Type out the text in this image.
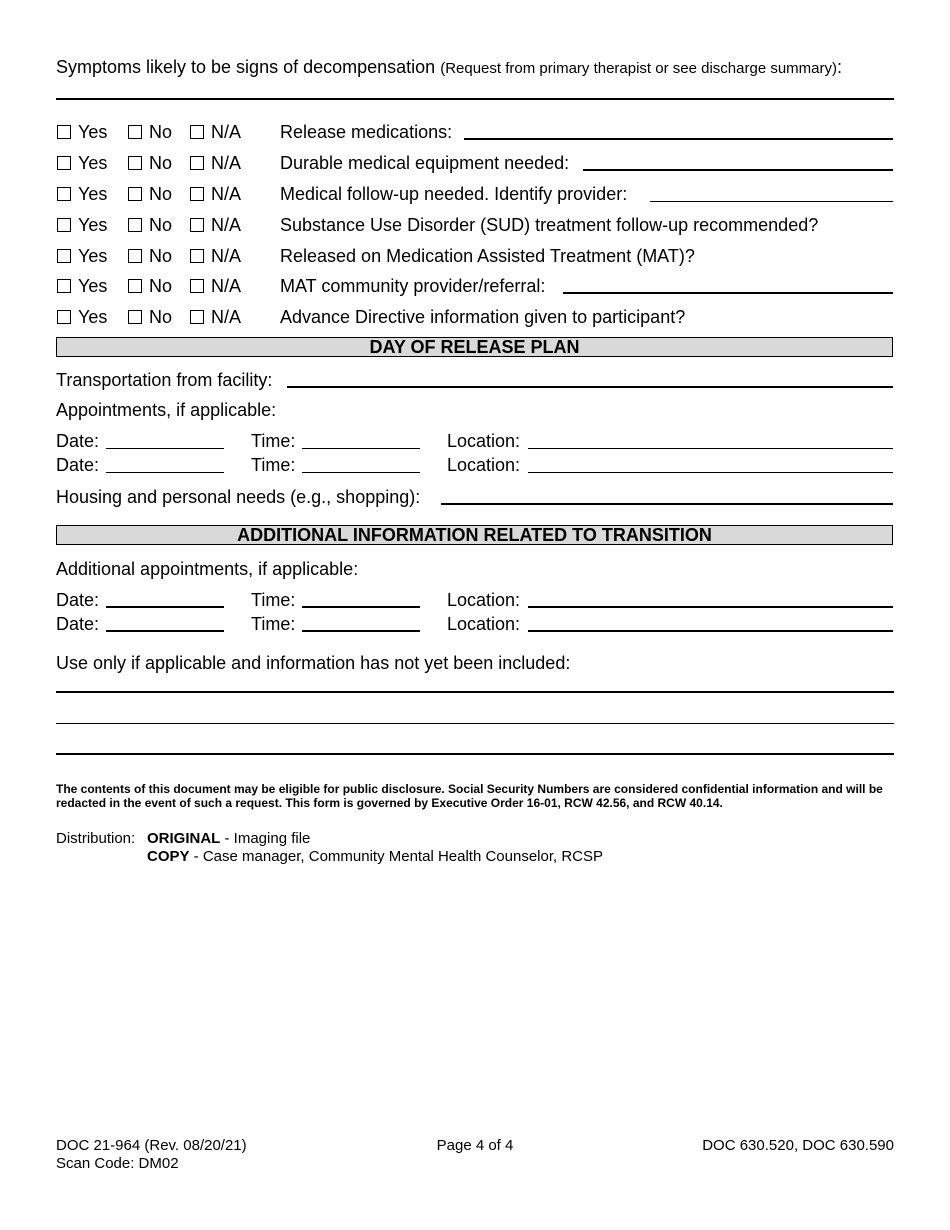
Symptoms likely to be signs of decompensation (Request from primary therapist or see discharge summary):
Yes No N/A Release medications:
Yes No N/A Durable medical equipment needed:
Yes No N/A Medical follow-up needed. Identify provider:
Yes No N/A Substance Use Disorder (SUD) treatment follow-up recommended?
Yes No N/A Released on Medication Assisted Treatment (MAT)?
Yes No N/A MAT community provider/referral:
Yes No N/A Advance Directive information given to participant?
DAY OF RELEASE PLAN
Transportation from facility:
Appointments, if applicable:
Date:	Time:	Location:
Date:	Time:	Location:
Housing and personal needs (e.g., shopping):
ADDITIONAL INFORMATION RELATED TO TRANSITION
Additional appointments, if applicable:
Date:	Time:	Location:
Date:	Time:	Location:
Use only if applicable and information has not yet been included:
The contents of this document may be eligible for public disclosure. Social Security Numbers are considered confidential information and will be redacted in the event of such a request. This form is governed by Executive Order 16-01, RCW 42.56, and RCW 40.14.
Distribution: ORIGINAL - Imaging file
COPY - Case manager, Community Mental Health Counselor, RCSP
DOC 21-964 (Rev. 08/20/21)
Scan Code: DM02
Page 4 of 4	DOC 630.520, DOC 630.590
